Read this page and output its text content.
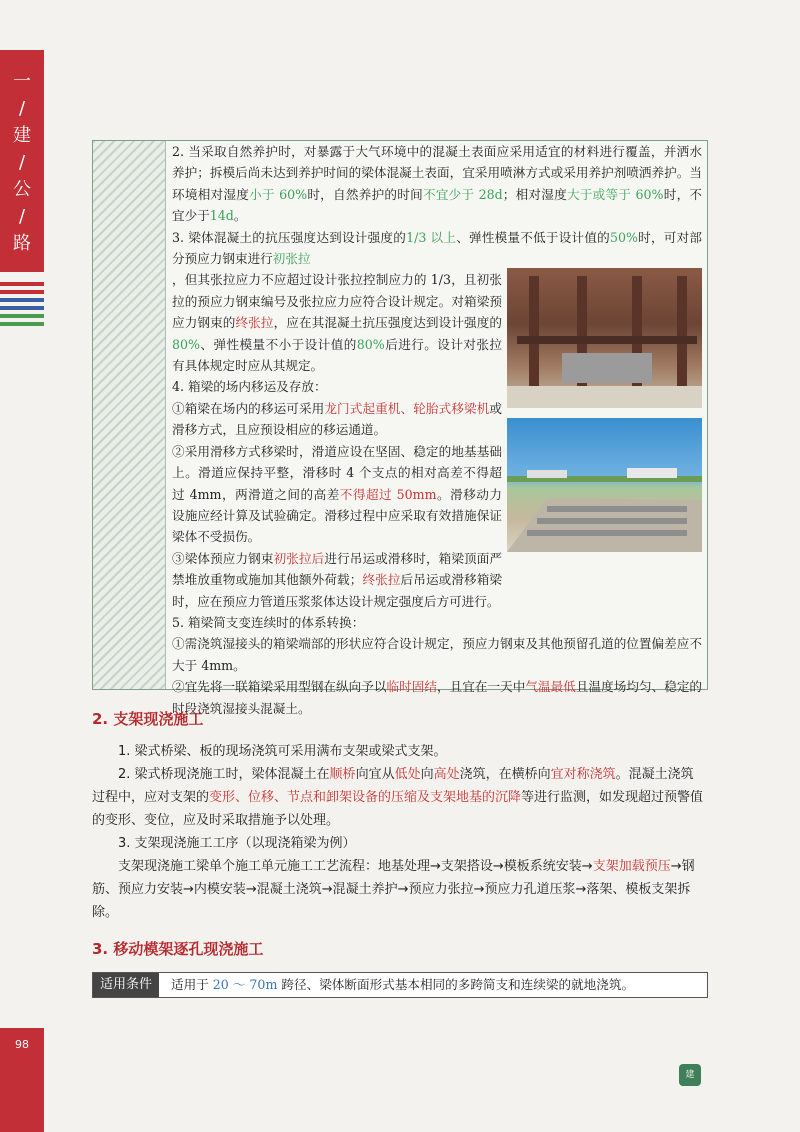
一
/
建
/
公
/
路

2. 当采取自然养护时，对暴露于大气环境中的混凝土表面应采用适宜的材料进行覆盖，并洒水养护；拆模后尚未达到养护时间的梁体混凝土表面，宜采用喷淋方式或采用养护剂喷洒养护。当环境相对湿度小于 60%时，自然养护的时间不宜少于 28d；相对湿度大于或等于 60%时，不宜少于14d。

3. 梁体混凝土的抗压强度达到设计强度的1/3 以上、弹性模量不低于设计值的50%时，可对部分预应力钢束进行初张拉

，但其张拉应力不应超过设计张拉控制应力的 1/3，且初张拉的预应力钢束编号及张拉应力应符合设计规定。对箱梁预应力钢束的终张拉，应在其混凝土抗压强度达到设计强度的80%、弹性模量不小于设计值的80%后进行。设计对张拉有具体规定时应从其规定。

4. 箱梁的场内移运及存放：

①箱梁在场内的移运可采用龙门式起重机、轮胎式移梁机或滑移方式，且应预设相应的移运通道。

②采用滑移方式移梁时，滑道应设在坚固、稳定的地基基础上。滑道应保持平整，滑移时 4 个支点的相对高差不得超过 4mm，两滑道之间的高差不得超过 50mm。滑移动力设施应经计算及试验确定。滑移过程中应采取有效措施保证梁体不受损伤。

③梁体预应力钢束初张拉后进行吊运或滑移时，箱梁顶面严禁堆放重物或施加其他额外荷载；终张拉后吊运或滑移箱梁时，应在预应力管道压浆浆体达设计规定强度后方可进行。

5. 箱梁简支变连续时的体系转换：

①需浇筑湿接头的箱梁端部的形状应符合设计规定，预应力钢束及其他预留孔道的位置偏差应不大于 4mm。

②宜先将一联箱梁采用型钢在纵向予以临时固结，且宜在一天中气温最低且温度场均匀、稳定的时段浇筑湿接头混凝土。

2. 支架现浇施工

1. 梁式桥梁、板的现场浇筑可采用满布支架或梁式支架。

2. 梁式桥现浇施工时，梁体混凝土在顺桥向宜从低处向高处浇筑，在横桥向宜对称浇筑。混凝土浇筑过程中，应对支架的变形、位移、节点和卸架设备的压缩及支架地基的沉降等进行监测，如发现超过预警值的变形、变位，应及时采取措施予以处理。

3. 支架现浇施工工序（以现浇箱梁为例）

支架现浇施工梁单个施工单元施工工艺流程：地基处理→支架搭设→模板系统安装→支架加载预压→钢筋、预应力安装→内模安装→混凝土浇筑→混凝土养护→预应力张拉→预应力孔道压浆→落架、模板支架拆除。

3. 移动模架逐孔现浇施工
适用条件	适用于 20 ～ 70m 跨径、梁体断面形式基本相同的多跨简支和连续梁的就地浇筑。
98
建
